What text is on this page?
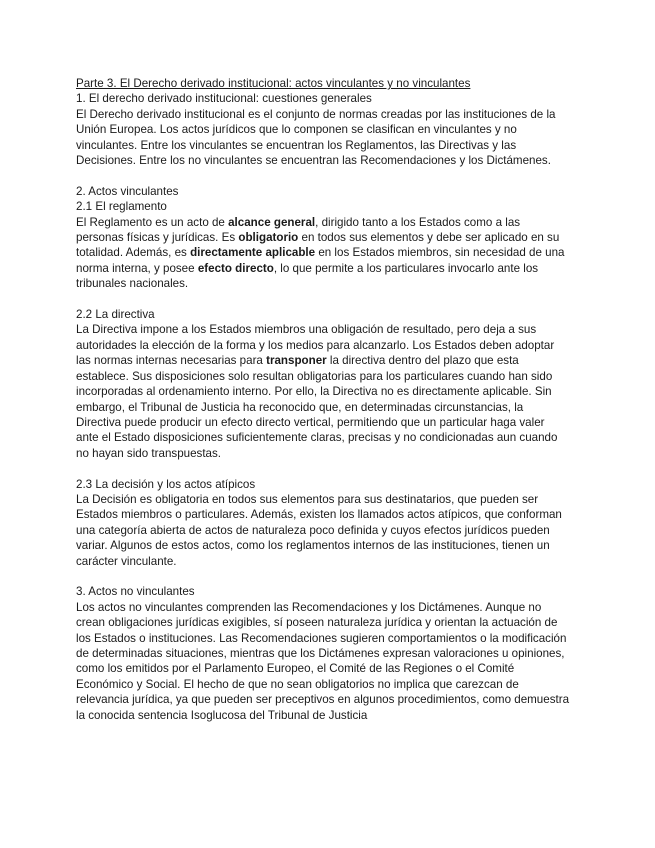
Parte 3. El Derecho derivado institucional: actos vinculantes y no vinculantes

1. El derecho derivado institucional: cuestiones generales

El Derecho derivado institucional es el conjunto de normas creadas por las instituciones de la

Unión Europea. Los actos jurídicos que lo componen se clasifican en vinculantes y no

vinculantes. Entre los vinculantes se encuentran los Reglamentos, las Directivas y las

Decisiones. Entre los no vinculantes se encuentran las Recomendaciones y los Dictámenes.

2. Actos vinculantes

2.1 El reglamento

El Reglamento es un acto de alcance general, dirigido tanto a los Estados como a las

personas físicas y jurídicas. Es obligatorio en todos sus elementos y debe ser aplicado en su

totalidad. Además, es directamente aplicable en los Estados miembros, sin necesidad de una

norma interna, y posee efecto directo, lo que permite a los particulares invocarlo ante los

tribunales nacionales.

2.2 La directiva

La Directiva impone a los Estados miembros una obligación de resultado, pero deja a sus

autoridades la elección de la forma y los medios para alcanzarlo. Los Estados deben adoptar

las normas internas necesarias para transponer la directiva dentro del plazo que esta

establece. Sus disposiciones solo resultan obligatorias para los particulares cuando han sido

incorporadas al ordenamiento interno. Por ello, la Directiva no es directamente aplicable. Sin

embargo, el Tribunal de Justicia ha reconocido que, en determinadas circunstancias, la

Directiva puede producir un efecto directo vertical, permitiendo que un particular haga valer

ante el Estado disposiciones suficientemente claras, precisas y no condicionadas aun cuando

no hayan sido transpuestas.

2.3 La decisión y los actos atípicos

La Decisión es obligatoria en todos sus elementos para sus destinatarios, que pueden ser

Estados miembros o particulares. Además, existen los llamados actos atípicos, que conforman

una categoría abierta de actos de naturaleza poco definida y cuyos efectos jurídicos pueden

variar. Algunos de estos actos, como los reglamentos internos de las instituciones, tienen un

carácter vinculante.

3. Actos no vinculantes

Los actos no vinculantes comprenden las Recomendaciones y los Dictámenes. Aunque no

crean obligaciones jurídicas exigibles, sí poseen naturaleza jurídica y orientan la actuación de

los Estados o instituciones. Las Recomendaciones sugieren comportamientos o la modificación

de determinadas situaciones, mientras que los Dictámenes expresan valoraciones u opiniones,

como los emitidos por el Parlamento Europeo, el Comité de las Regiones o el Comité

Económico y Social. El hecho de que no sean obligatorios no implica que carezcan de

relevancia jurídica, ya que pueden ser preceptivos en algunos procedimientos, como demuestra

la conocida sentencia Isoglucosa del Tribunal de Justicia
